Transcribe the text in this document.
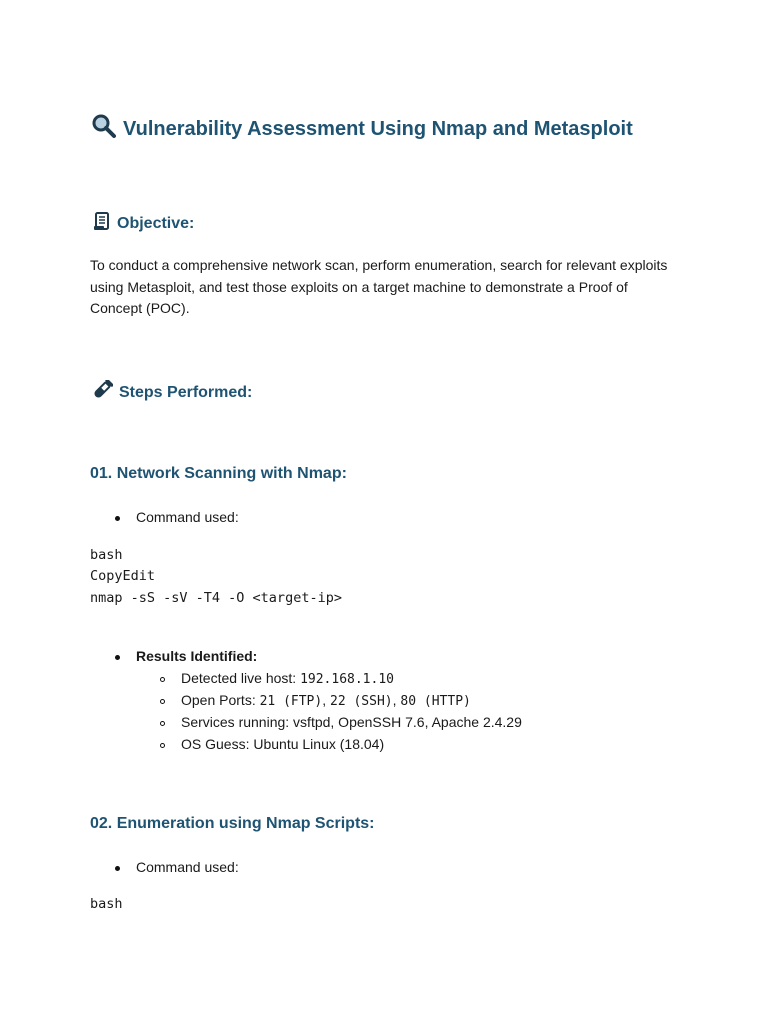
Vulnerability Assessment Using Nmap and Metasploit
Objective:
To conduct a comprehensive network scan, perform enumeration, search for relevant exploits using Metasploit, and test those exploits on a target machine to demonstrate a Proof of Concept (POC).
Steps Performed:
01. Network Scanning with Nmap:
Command used:
bash
CopyEdit
nmap -sS -sV -T4 -O <target-ip>
Results Identified:
Detected live host: 192.168.1.10
Open Ports: 21 (FTP), 22 (SSH), 80 (HTTP)
Services running: vsftpd, OpenSSH 7.6, Apache 2.4.29
OS Guess: Ubuntu Linux (18.04)
02. Enumeration using Nmap Scripts:
Command used:
bash
